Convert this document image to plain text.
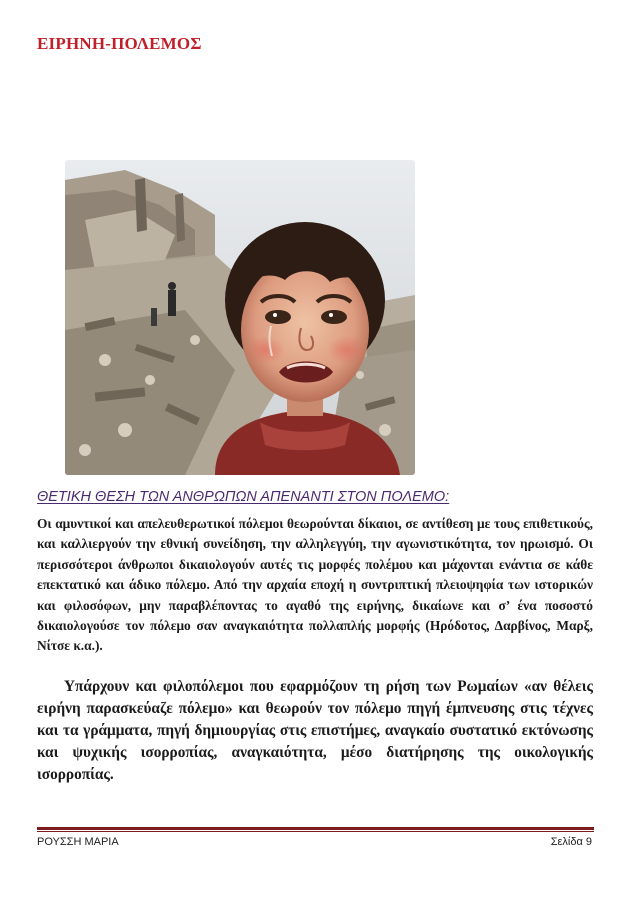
ΕΙΡΗΝΗ-ΠΟΛΕΜΟΣ
ΘΕΤΙΚΗ ΘΕΣΗ ΤΩΝ ΑΝΘΡΩΠΩΝ ΑΠΕΝΑΝΤΙ ΣΤΟΝ ΠΟΛΕΜΟ:

Οι αμυντικοί και απελευθερωτικοί πόλεμοι θεωρούνται δίκαιοι, σε αντίθεση με τους επιθετικούς, και καλλιεργούν την εθνική συνείδηση, την αλληλεγγύη, την αγωνιστικότητα, τον ηρωισμό. Οι περισσότεροι άνθρωποι δικαιολογούν αυτές τις μορφές πολέμου και μάχονται ενάντια σε κάθε επεκτατικό και άδικο πόλεμο. Από την αρχαία εποχή η συντριπτική πλειοψηφία των ιστορικών και φιλοσόφων, μην παραβλέποντας το αγαθό της ειρήνης, δικαίωνε και σ’ ένα ποσοστό δικαιολογούσε τον πόλεμο σαν αναγκαιότητα πολλαπλής μορφής (Ηρόδοτος, Δαρβίνος, Μαρξ, Νίτσε κ.α.).

Υπάρχουν και φιλοπόλεμοι που εφαρμόζουν τη ρήση των Ρωμαίων «αν θέλεις ειρήνη παρασκεύαζε πόλεμο» και θεωρούν τον πόλεμο πηγή έμπνευσης στις τέχνες και τα γράμματα, πηγή δημιουργίας στις επιστήμες, αναγκαίο συστατικό εκτόνωσης και ψυχικής ισορροπίας, αναγκαιότητα, μέσο διατήρησης της οικολογικής ισορροπίας.

ΡΟΥΣΣΗ ΜΑΡΙΑ	Σελίδα 9
